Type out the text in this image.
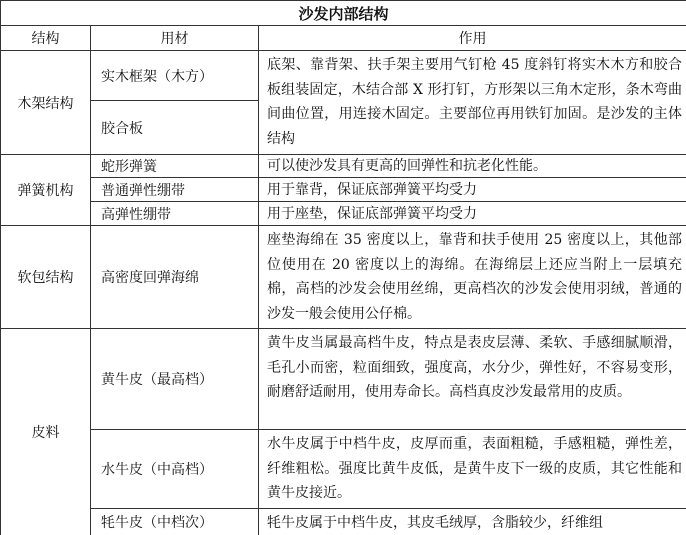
沙发内部结构		
结构	用材	作用
木架结构	实木框架（木方）	底架、靠背架、扶手架主要用气钉枪 45 度斜钉将实木木方和胶合板组装固定，木结合部 X 形打钉，方形架以三角木定形，条木弯曲间曲位置，用连接木固定。主要部位再用铁钉加固。是沙发的主体结构
	胶合板	
弹簧机构	蛇形弹簧	可以使沙发具有更高的回弹性和抗老化性能。
	普通弹性绷带	用于靠背，保证底部弹簧平均受力
	高弹性绷带	用于座垫，保证底部弹簧平均受力
软包结构	高密度回弹海绵	座垫海绵在 35 密度以上，靠背和扶手使用 25 密度以上，其他部位使用在 20 密度以上的海绵。在海绵层上还应当附上一层填充棉，高档的沙发会使用丝绵，更高档次的沙发会使用羽绒，普通的沙发一般会使用公仔棉。
皮料	黄牛皮（最高档）	黄牛皮当属最高档牛皮，特点是表皮层薄、柔软、手感细腻顺滑，毛孔小而密，粒面细致，强度高，水分少，弹性好，不容易变形，耐磨舒适耐用，使用寿命长。高档真皮沙发最常用的皮质。
	水牛皮（中高档）	水牛皮属于中档牛皮，皮厚而重，表面粗糙，手感粗糙，弹性差，纤维粗松。强度比黄牛皮低，是黄牛皮下一级的皮质，其它性能和黄牛皮接近。
	牦牛皮（中档次）	牦牛皮属于中档牛皮，其皮毛绒厚，含脂较少，纤维组
